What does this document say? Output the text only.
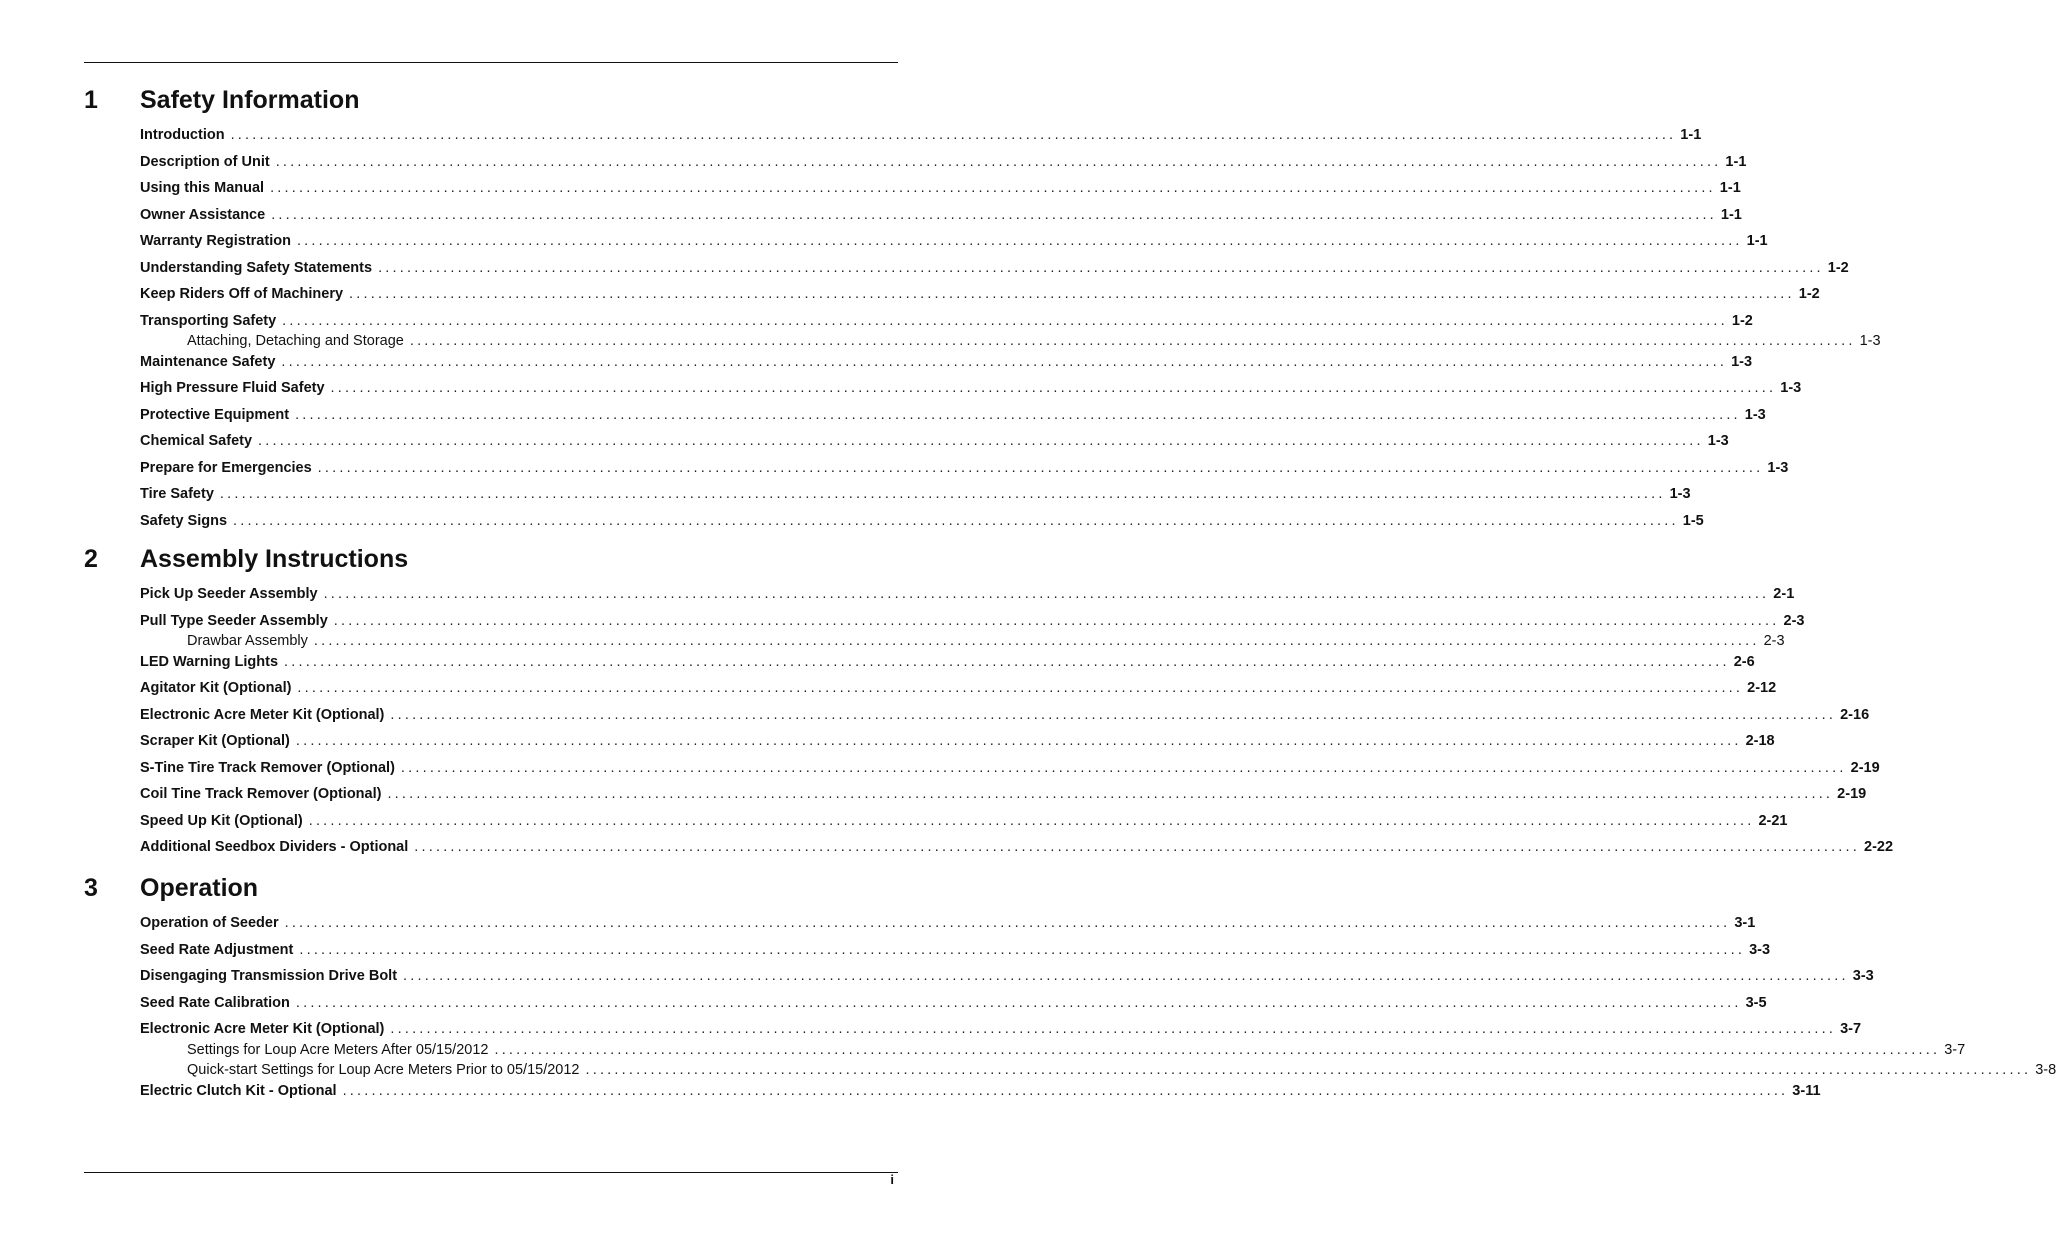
1 Safety Information
Introduction ........................................................................................................................................................................................................ 1-1
Description of Unit ........................................................................................................................................................................................................ 1-1
Using this Manual ........................................................................................................................................................................................................ 1-1
Owner Assistance ........................................................................................................................................................................................................ 1-1
Warranty Registration ........................................................................................................................................................................................................ 1-1
Understanding Safety Statements ........................................................................................................................................................................................................ 1-2
Keep Riders Off of Machinery ........................................................................................................................................................................................................ 1-2
Transporting Safety ........................................................................................................................................................................................................ 1-2
Attaching, Detaching and Storage ........................................................................................................................................................................................................ 1-3
Maintenance Safety ........................................................................................................................................................................................................ 1-3
High Pressure Fluid Safety ........................................................................................................................................................................................................ 1-3
Protective Equipment ........................................................................................................................................................................................................ 1-3
Chemical Safety ........................................................................................................................................................................................................ 1-3
Prepare for Emergencies ........................................................................................................................................................................................................ 1-3
Tire Safety ........................................................................................................................................................................................................ 1-3
Safety Signs ........................................................................................................................................................................................................ 1-5
2 Assembly Instructions
Pick Up Seeder Assembly ........................................................................................................................................................................................................ 2-1
Pull Type Seeder Assembly ........................................................................................................................................................................................................ 2-3
Drawbar Assembly ........................................................................................................................................................................................................ 2-3
LED Warning Lights ........................................................................................................................................................................................................ 2-6
Agitator Kit (Optional) ........................................................................................................................................................................................................ 2-12
Electronic Acre Meter Kit (Optional) ........................................................................................................................................................................................................ 2-16
Scraper Kit (Optional) ........................................................................................................................................................................................................ 2-18
S-Tine Tire Track Remover (Optional) ........................................................................................................................................................................................................ 2-19
Coil Tine Track Remover (Optional) ........................................................................................................................................................................................................ 2-19
Speed Up Kit (Optional) ........................................................................................................................................................................................................ 2-21
Additional Seedbox Dividers - Optional ........................................................................................................................................................................................................ 2-22
3 Operation
Operation of Seeder ........................................................................................................................................................................................................ 3-1
Seed Rate Adjustment ........................................................................................................................................................................................................ 3-3
Disengaging Transmission Drive Bolt ........................................................................................................................................................................................................ 3-3
Seed Rate Calibration ........................................................................................................................................................................................................ 3-5
Electronic Acre Meter Kit (Optional) ........................................................................................................................................................................................................ 3-7
Settings for Loup Acre Meters After 05/15/2012 ........................................................................................................................................................................................................ 3-7
Quick-start Settings for Loup Acre Meters Prior to 05/15/2012 ........................................................................................................................................................................................................ 3-8
Electric Clutch Kit - Optional ........................................................................................................................................................................................................ 3-11
i
